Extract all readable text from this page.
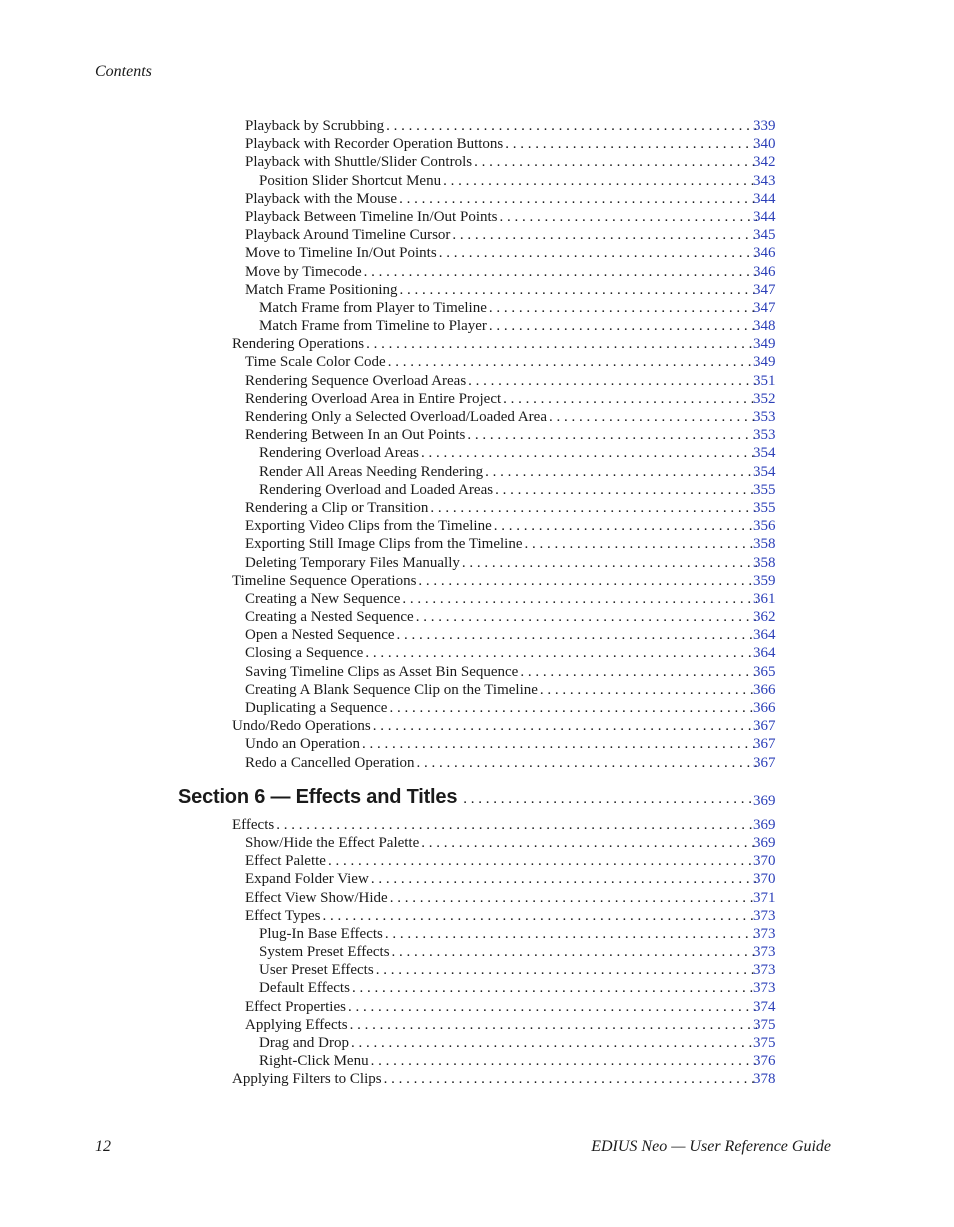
Contents
Playback by Scrubbing . . .	339
Playback with Recorder Operation Buttons . . .	340
Playback with Shuttle/Slider Controls . . .	342
Position Slider Shortcut Menu . . .	343
Playback with the Mouse . . .	344
Playback Between Timeline In/Out Points . . .	344
Playback Around Timeline Cursor . . .	345
Move to Timeline In/Out Points . . .	346
Move by Timecode . . .	346
Match Frame Positioning . . .	347
Match Frame from Player to Timeline . . .	347
Match Frame from Timeline to Player . . .	348
Rendering Operations . . .	349
Time Scale Color Code . . .	349
Rendering Sequence Overload Areas . . .	351
Rendering Overload Area in Entire Project . . .	352
Rendering Only a Selected Overload/Loaded Area . . .	353
Rendering Between In an Out Points . . .	353
Rendering Overload Areas . . .	354
Render All Areas Needing Rendering . . .	354
Rendering Overload and Loaded Areas . . .	355
Rendering a Clip or Transition . . .	355
Exporting Video Clips from the Timeline . . .	356
Exporting Still Image Clips from the Timeline . . .	358
Deleting Temporary Files Manually . . .	358
Timeline Sequence Operations . . .	359
Creating a New Sequence . . .	361
Creating a Nested Sequence . . .	362
Open a Nested Sequence . . .	364
Closing a Sequence . . .	364
Saving Timeline Clips as Asset Bin Sequence . . .	365
Creating A Blank Sequence Clip on the Timeline . . .	366
Duplicating a Sequence . . .	366
Undo/Redo Operations . . .	367
Undo an Operation . . .	367
Redo a Cancelled Operation . . .	367
Section 6 — Effects and Titles . . .	369
Effects . . .	369
Show/Hide the Effect Palette . . .	369
Effect Palette . . .	370
Expand Folder View . . .	370
Effect View Show/Hide . . .	371
Effect Types . . .	373
Plug-In Base Effects . . .	373
System Preset Effects . . .	373
User Preset Effects . . .	373
Default Effects . . .	373
Effect Properties . . .	374
Applying Effects . . .	375
Drag and Drop . . .	375
Right-Click Menu . . .	376
Applying Filters to Clips . . .	378
12	EDIUS Neo — User Reference Guide
